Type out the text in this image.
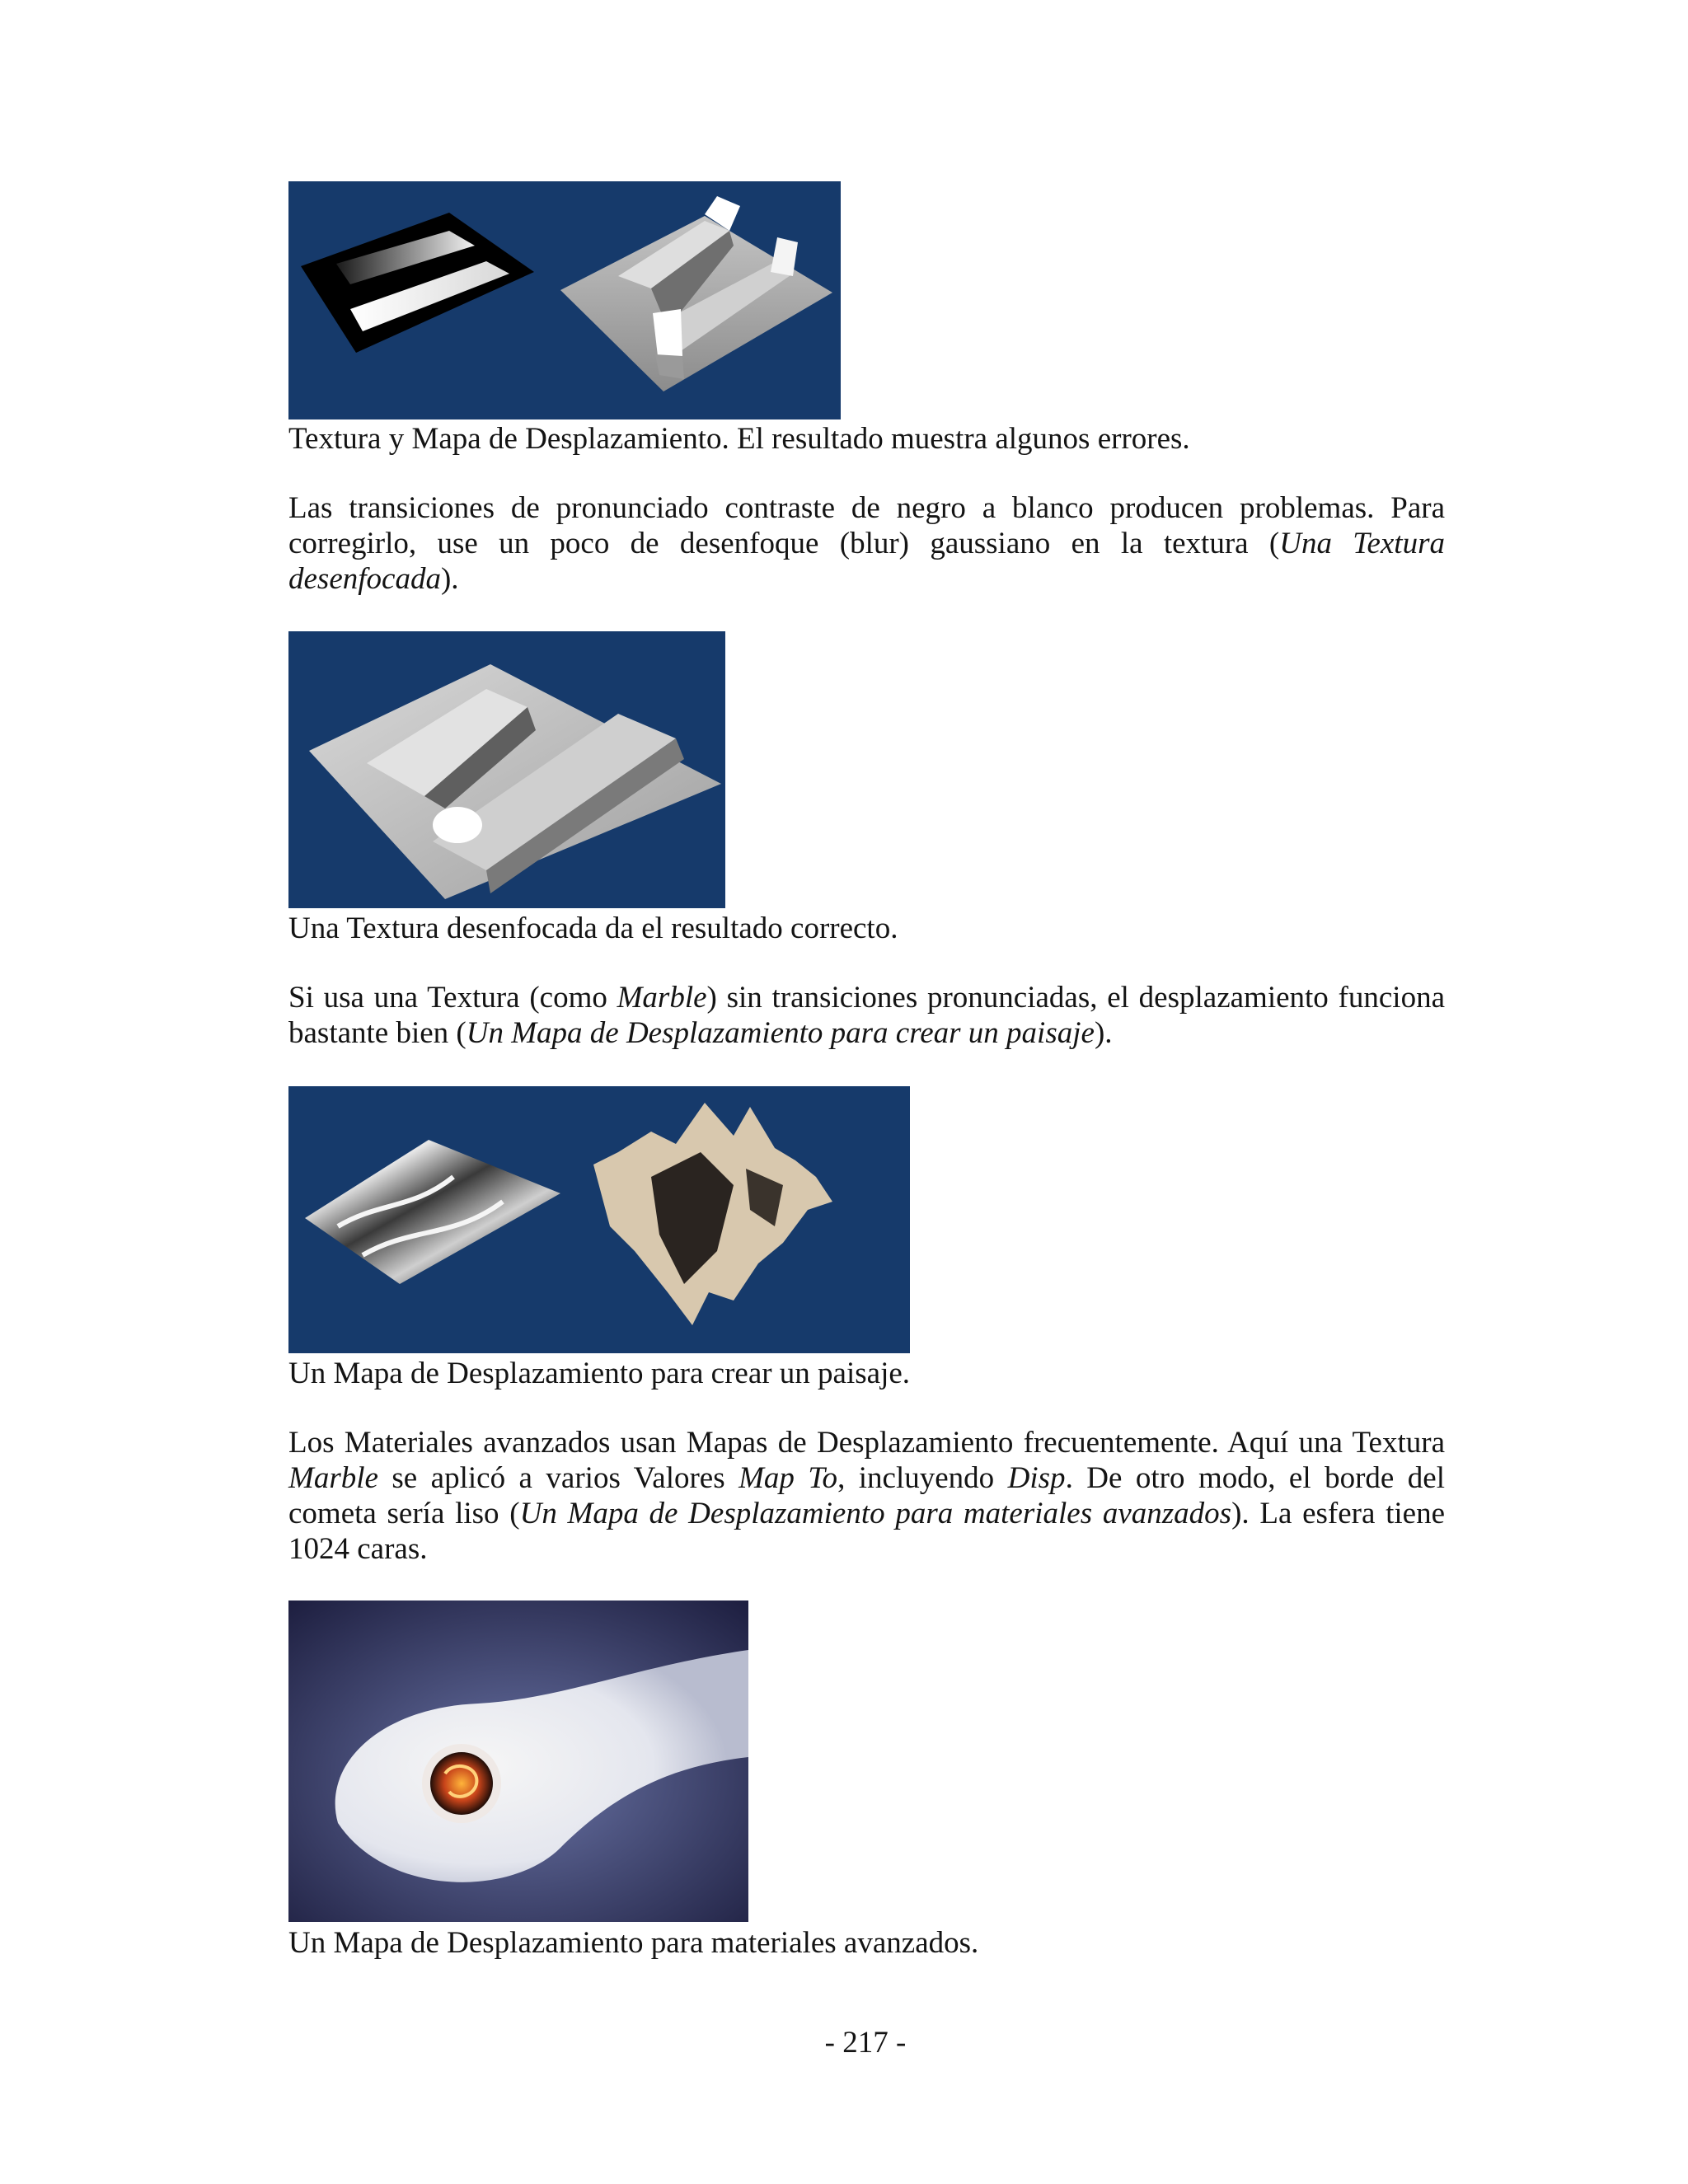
Textura y Mapa de Desplazamiento. El resultado muestra algunos errores.

Las transiciones de pronunciado contraste de negro a blanco producen problemas. Para corregirlo, use un poco de desenfoque (blur) gaussiano en la textura (Una Textura desenfocada).

Una Textura desenfocada da el resultado correcto.

Si usa una Textura (como Marble) sin transiciones pronunciadas, el desplazamiento funciona bastante bien (Un Mapa de Desplazamiento para crear un paisaje).

Un Mapa de Desplazamiento para crear un paisaje.

Los Materiales avanzados usan Mapas de Desplazamiento frecuentemente. Aquí una Textura Marble se aplicó a varios Valores Map To, incluyendo Disp. De otro modo, el borde del cometa sería liso (Un Mapa de Desplazamiento para materiales avanzados). La esfera tiene 1024 caras.

Un Mapa de Desplazamiento para materiales avanzados.

- 217 -
